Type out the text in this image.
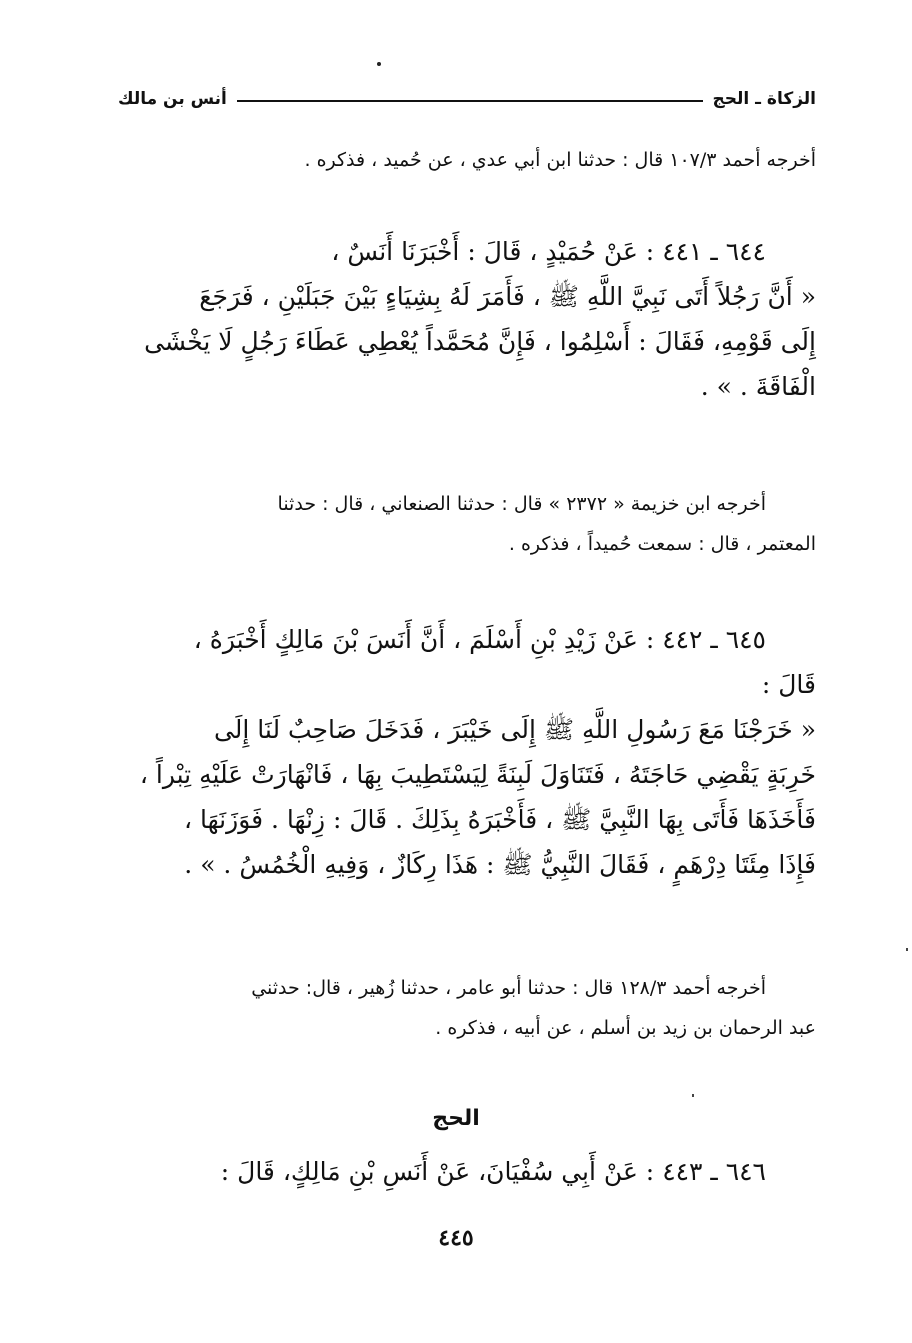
الزكاة ـ الحج
أنس بن مالك
أخرجه أحمد ١٠٧/٣ قال : حدثنا ابن أبي عدي ، عن حُميد ، فذكره .
٦٤٤ ـ ٤٤١ : عَنْ حُمَيْدٍ ، قَالَ : أَخْبَرَنَا أَنَسٌ ،
« أَنَّ رَجُلاً أَتَى نَبِيَّ اللَّهِ ﷺ ، فَأَمَرَ لَهُ بِشِيَاءٍ بَيْنَ جَبَلَيْنِ ، فَرَجَعَ
إِلَى قَوْمِهِ، فَقَالَ : أَسْلِمُوا ، فَإِنَّ مُحَمَّداً يُعْطِي عَطَاءَ رَجُلٍ لَا يَخْشَى
الْفَاقَةَ . » .
أخرجه ابن خزيمة « ٢٣٧٢ » قال : حدثنا الصنعاني ، قال : حدثنا
المعتمر ، قال : سمعت حُميداً ، فذكره .
٦٤٥ ـ ٤٤٢ : عَنْ زَيْدِ بْنِ أَسْلَمَ ، أَنَّ أَنَسَ بْنَ مَالِكٍ أَخْبَرَهُ ،
قَالَ :
« خَرَجْنَا مَعَ رَسُولِ اللَّهِ ﷺ إِلَى خَيْبَرَ ، فَدَخَلَ صَاحِبٌ لَنَا إِلَى
خَرِبَةٍ يَقْضِي حَاجَتَهُ ، فَتَنَاوَلَ لَبِنَةً لِيَسْتَطِيبَ بِهَا ، فَانْهَارَتْ عَلَيْهِ تِبْراً ،
فَأَخَذَهَا فَأَتَى بِهَا النَّبِيَّ ﷺ ، فَأَخْبَرَهُ بِذَلِكَ . قَالَ : زِنْهَا . فَوَزَنَهَا ،
فَإِذَا مِئَتَا دِرْهَمٍ ، فَقَالَ النَّبِيُّ ﷺ : هَذَا رِكَازٌ ، وَفِيهِ الْخُمُسُ . » .
أخرجه أحمد ١٢٨/٣ قال : حدثنا أبو عامر ، حدثنا زُهير ، قال: حدثني
عبد الرحمان بن زيد بن أسلم ، عن أبيه ، فذكره .
الحج
٦٤٦ ـ ٤٤٣ : عَنْ أَبِي سُفْيَانَ، عَنْ أَنَسِ بْنِ مَالِكٍ، قَالَ :
٤٤٥
